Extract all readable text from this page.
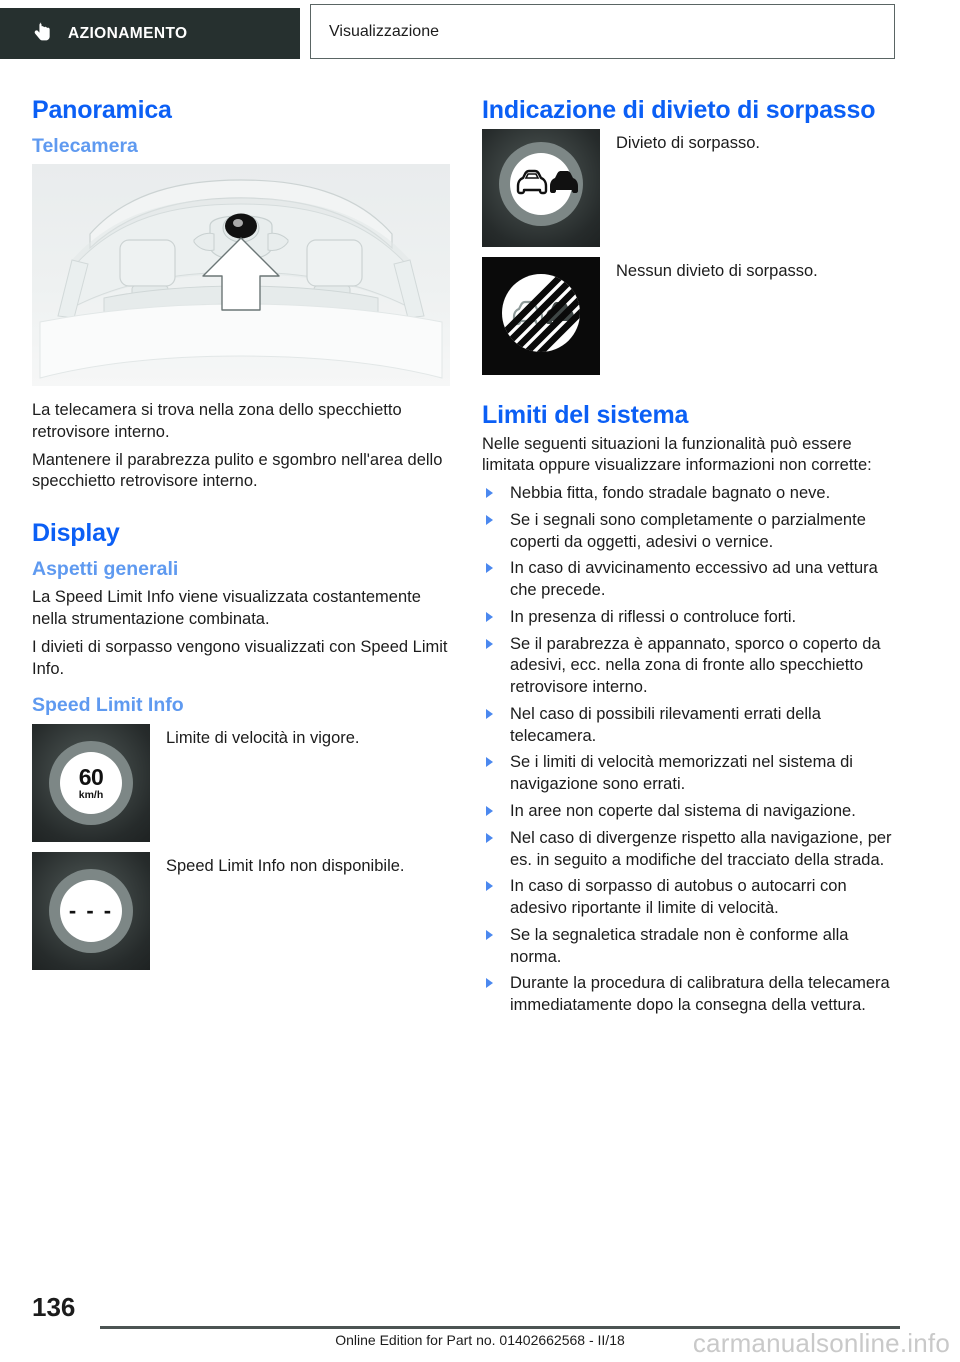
AZIONAMENTO	Visualizzazione
Panoramica
Telecamera

La telecamera si trova nella zona dello specchietto retrovisore interno.

Mantenere il parabrezza pulito e sgombro nell'area dello specchietto retrovisore interno.

Display
Aspetti generali

La Speed Limit Info viene visualizzata costantemente nella strumentazione combinata.

I divieti di sorpasso vengono visualizzati con Speed Limit Info.

Speed Limit Info
60
km/h
Limite di velocità in vigore.
- - -
Speed Limit Info non disponibile.
Indicazione di divieto di sorpasso
Divieto di sorpasso.
Nessun divieto di sorpasso.
Limiti del sistema

Nelle seguenti situazioni la funzionalità può essere limitata oppure visualizzare informazioni non corrette:

Nebbia fitta, fondo stradale bagnato o neve.
Se i segnali sono completamente o parzialmente coperti da oggetti, adesivi o vernice.
In caso di avvicinamento eccessivo ad una vettura che precede.
In presenza di riflessi o controluce forti.
Se il parabrezza è appannato, sporco o coperto da adesivi, ecc. nella zona di fronte allo specchietto retrovisore interno.
Nel caso di possibili rilevamenti errati della telecamera.
Se i limiti di velocità memorizzati nel sistema di navigazione sono errati.
In aree non coperte dal sistema di navigazione.
Nel caso di divergenze rispetto alla navigazione, per es. in seguito a modifiche del tracciato della strada.
In caso di sorpasso di autobus o autocarri con adesivo riportante il limite di velocità.
Se la segnaletica stradale non è conforme alla norma.
Durante la procedura di calibratura della telecamera immediatamente dopo la consegna della vettura.
136
Online Edition for Part no. 01402662568 - II/18	carmanualsonline.info
